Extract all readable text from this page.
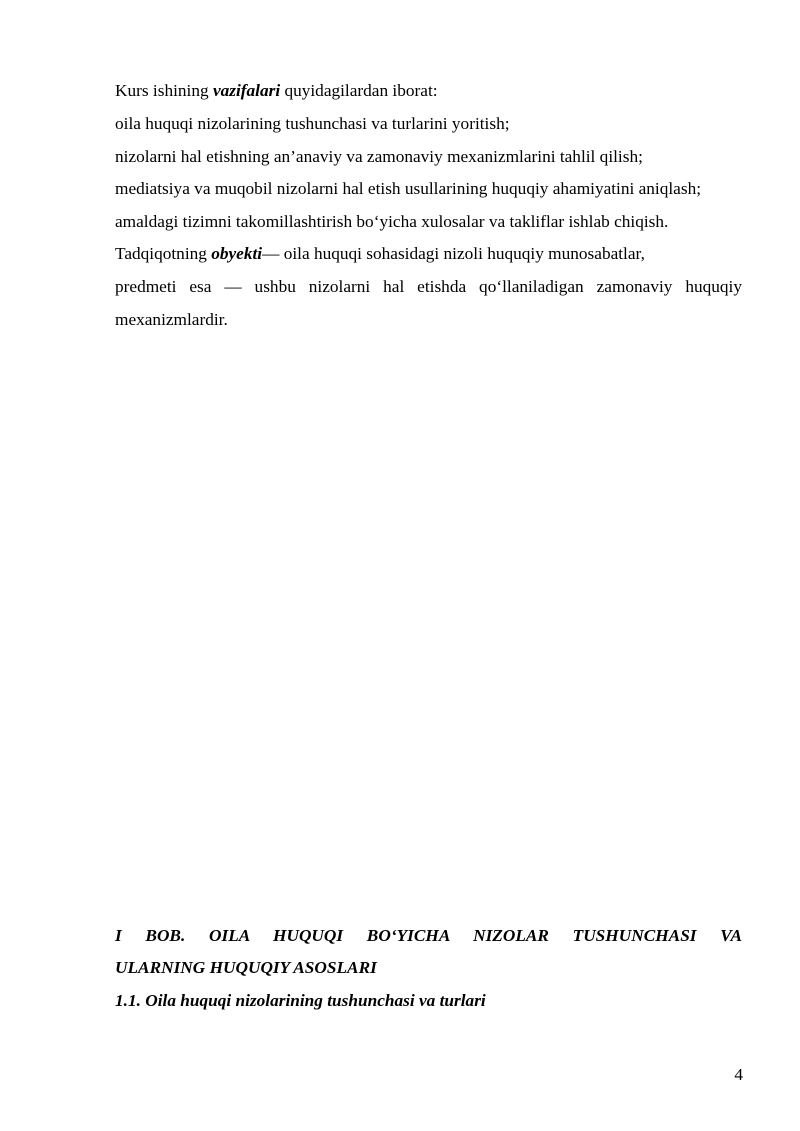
Kurs ishining vazifalari quyidagilardan iborat:
oila huquqi nizolarining tushunchasi va turlarini yoritish;
nizolarni hal etishning an’anaviy va zamonaviy mexanizmlarini tahlil qilish;
mediatsiya va muqobil nizolarni hal etish usullarining huquqiy ahamiyatini aniqlash;
amaldagi tizimni takomillashtirish bo‘yicha xulosalar va takliflar ishlab chiqish.
Tadqiqotning obyekti— oila huquqi sohasidagi nizoli huquqiy munosabatlar,
predmeti esa — ushbu nizolarni hal etishda qo‘llaniladigan zamonaviy huquqiy
mexanizmlardir.
I BOB. OILA HUQUQI BO‘YICHA NIZOLAR TUSHUNCHASI VA
ULARNING HUQUQIY ASOSLARI
1.1. Oila huquqi nizolarining tushunchasi va turlari
4
